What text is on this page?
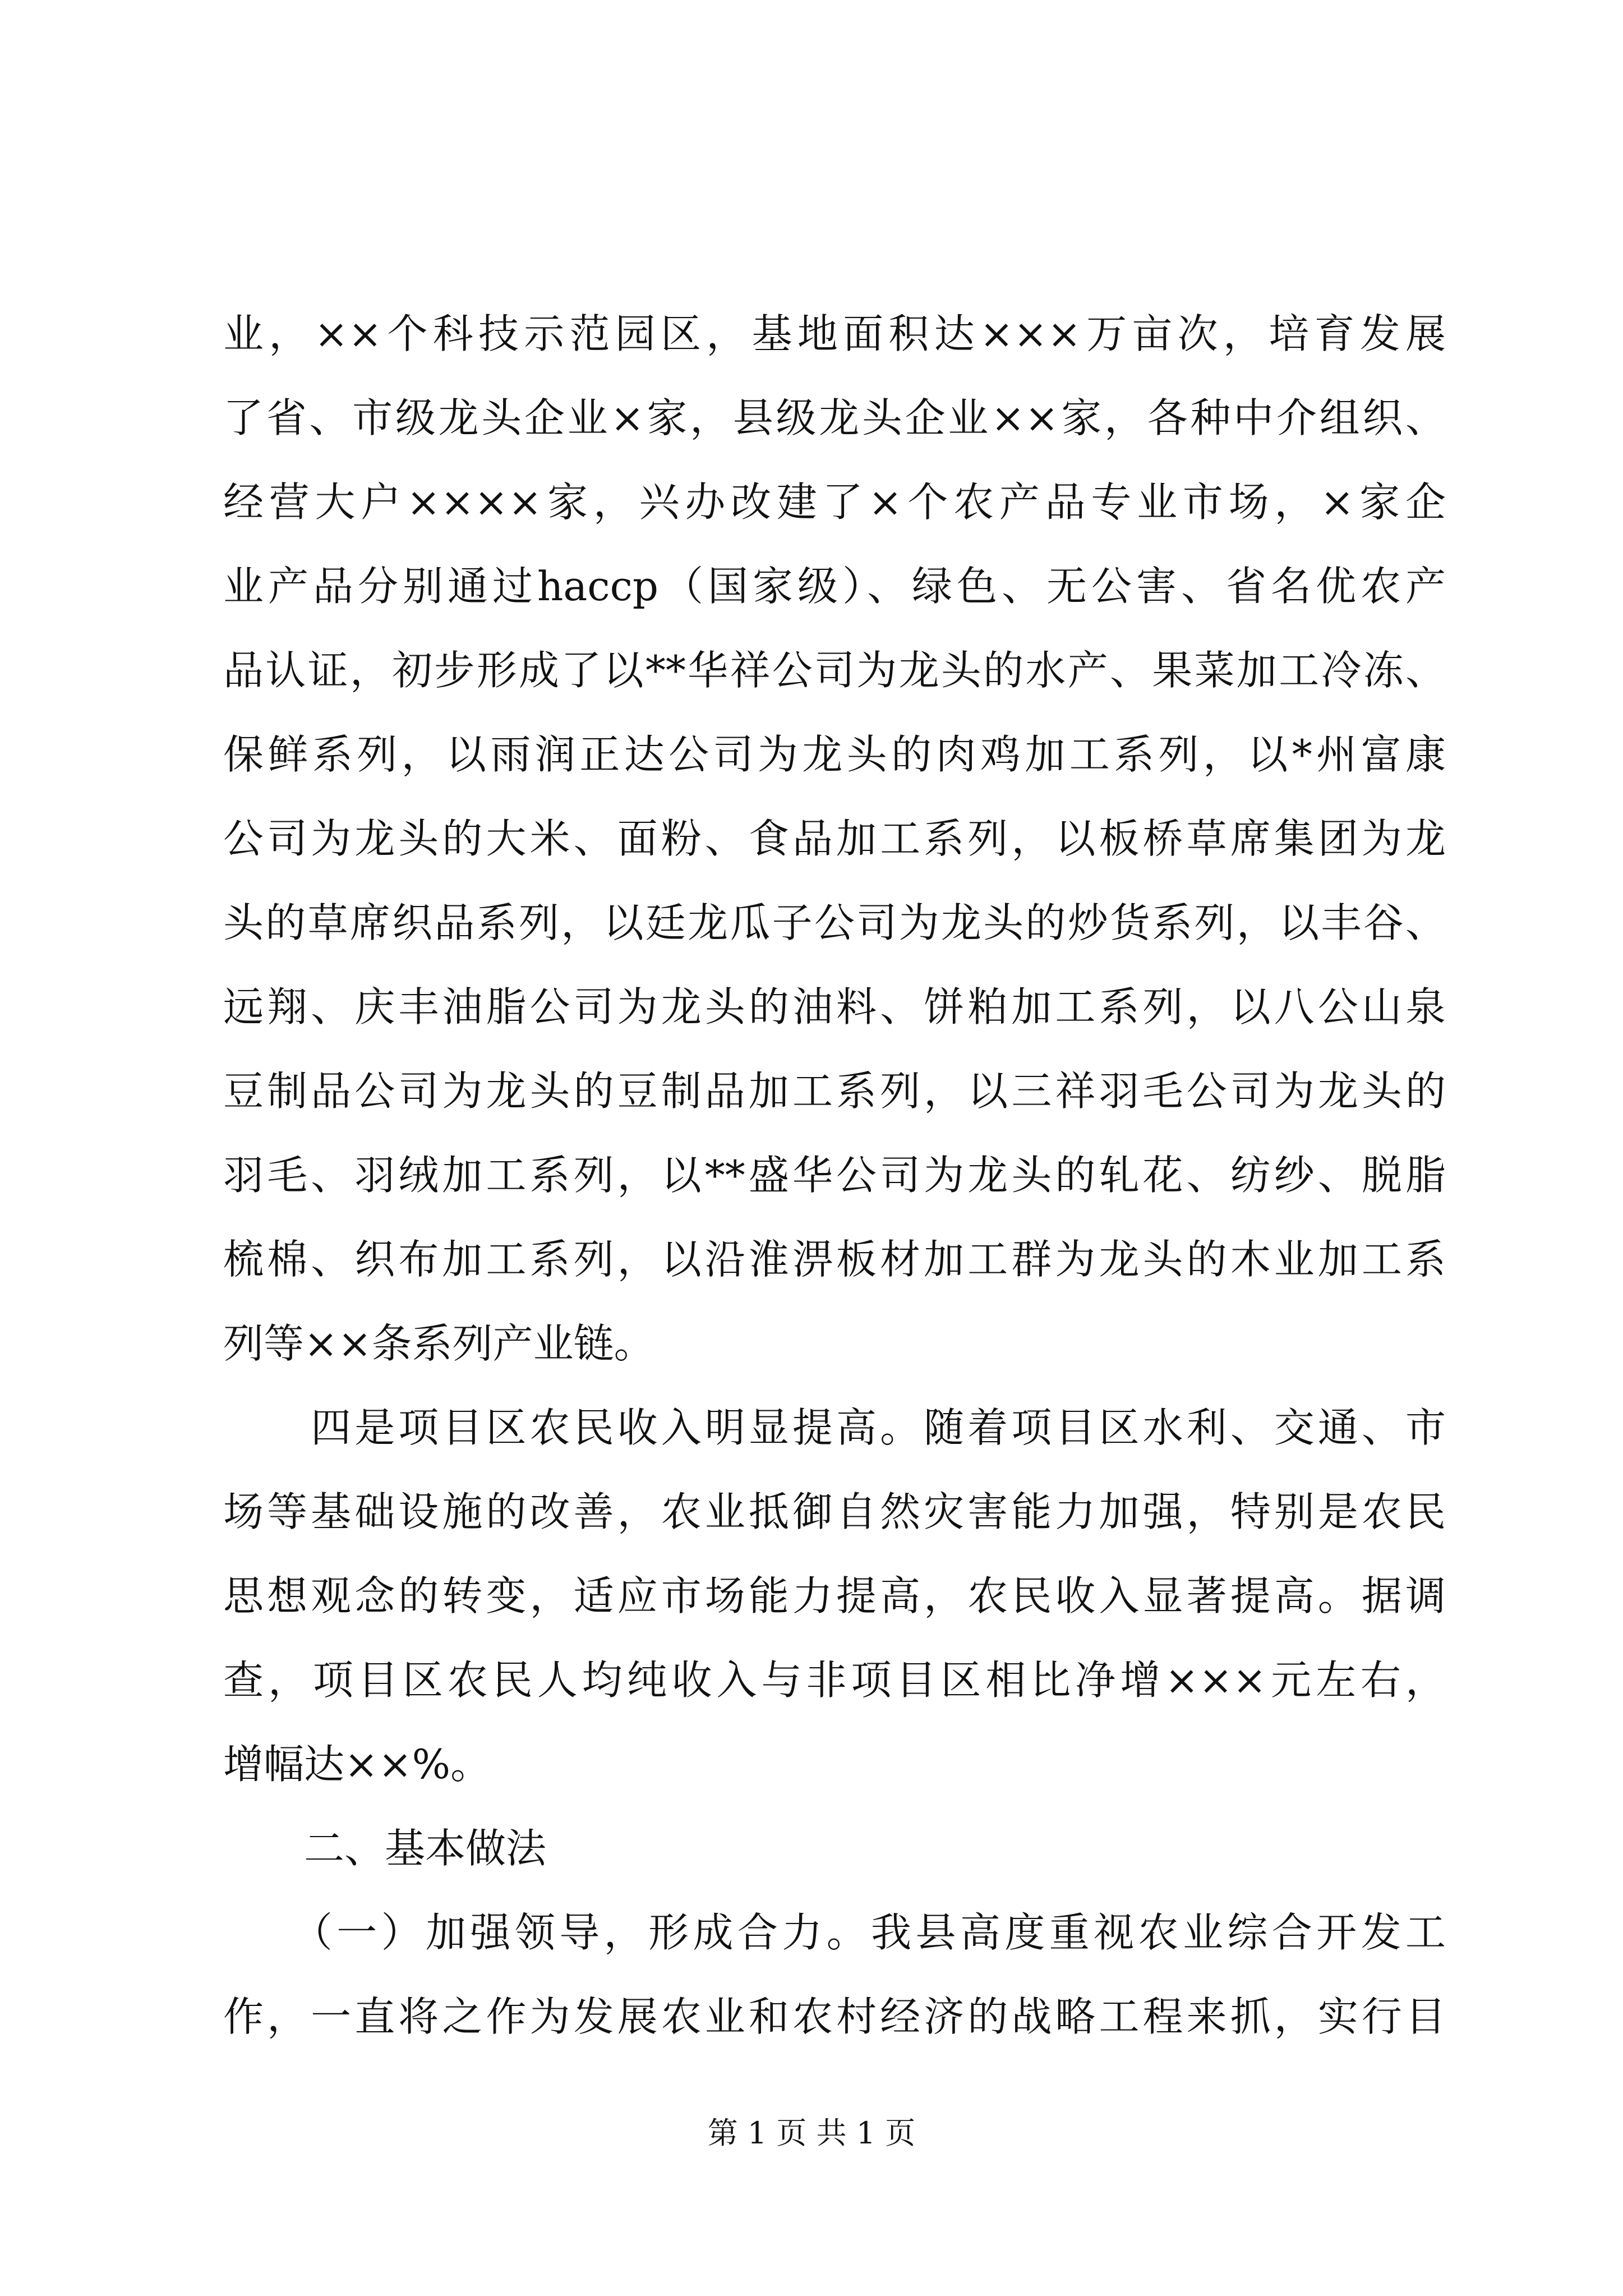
业，××个科技示范园区，基地面积达×××万亩次，培育发展
了省、市级龙头企业×家，县级龙头企业××家，各种中介组织、
经营大户××××家，兴办改建了×个农产品专业市场，×家企
业产品分别通过haccp（国家级）、绿色、无公害、省名优农产
品认证，初步形成了以**华祥公司为龙头的水产、果菜加工冷冻、
保鲜系列，以雨润正达公司为龙头的肉鸡加工系列，以*州富康
公司为龙头的大米、面粉、食品加工系列，以板桥草席集团为龙
头的草席织品系列，以廷龙瓜子公司为龙头的炒货系列，以丰谷、
远翔、庆丰油脂公司为龙头的油料、饼粕加工系列，以八公山泉
豆制品公司为龙头的豆制品加工系列，以三祥羽毛公司为龙头的
羽毛、羽绒加工系列，以**盛华公司为龙头的轧花、纺纱、脱脂
梳棉、织布加工系列，以沿淮淠板材加工群为龙头的木业加工系
列等××条系列产业链。
　　四是项目区农民收入明显提高。随着项目区水利、交通、市
场等基础设施的改善，农业抵御自然灾害能力加强，特别是农民
思想观念的转变，适应市场能力提高，农民收入显著提高。据调
查，项目区农民人均纯收入与非项目区相比净增×××元左右，
增幅达××%。
　　二、基本做法
　　（一）加强领导，形成合力。我县高度重视农业综合开发工
作，一直将之作为发展农业和农村经济的战略工程来抓，实行目
第 1 页 共 1 页
